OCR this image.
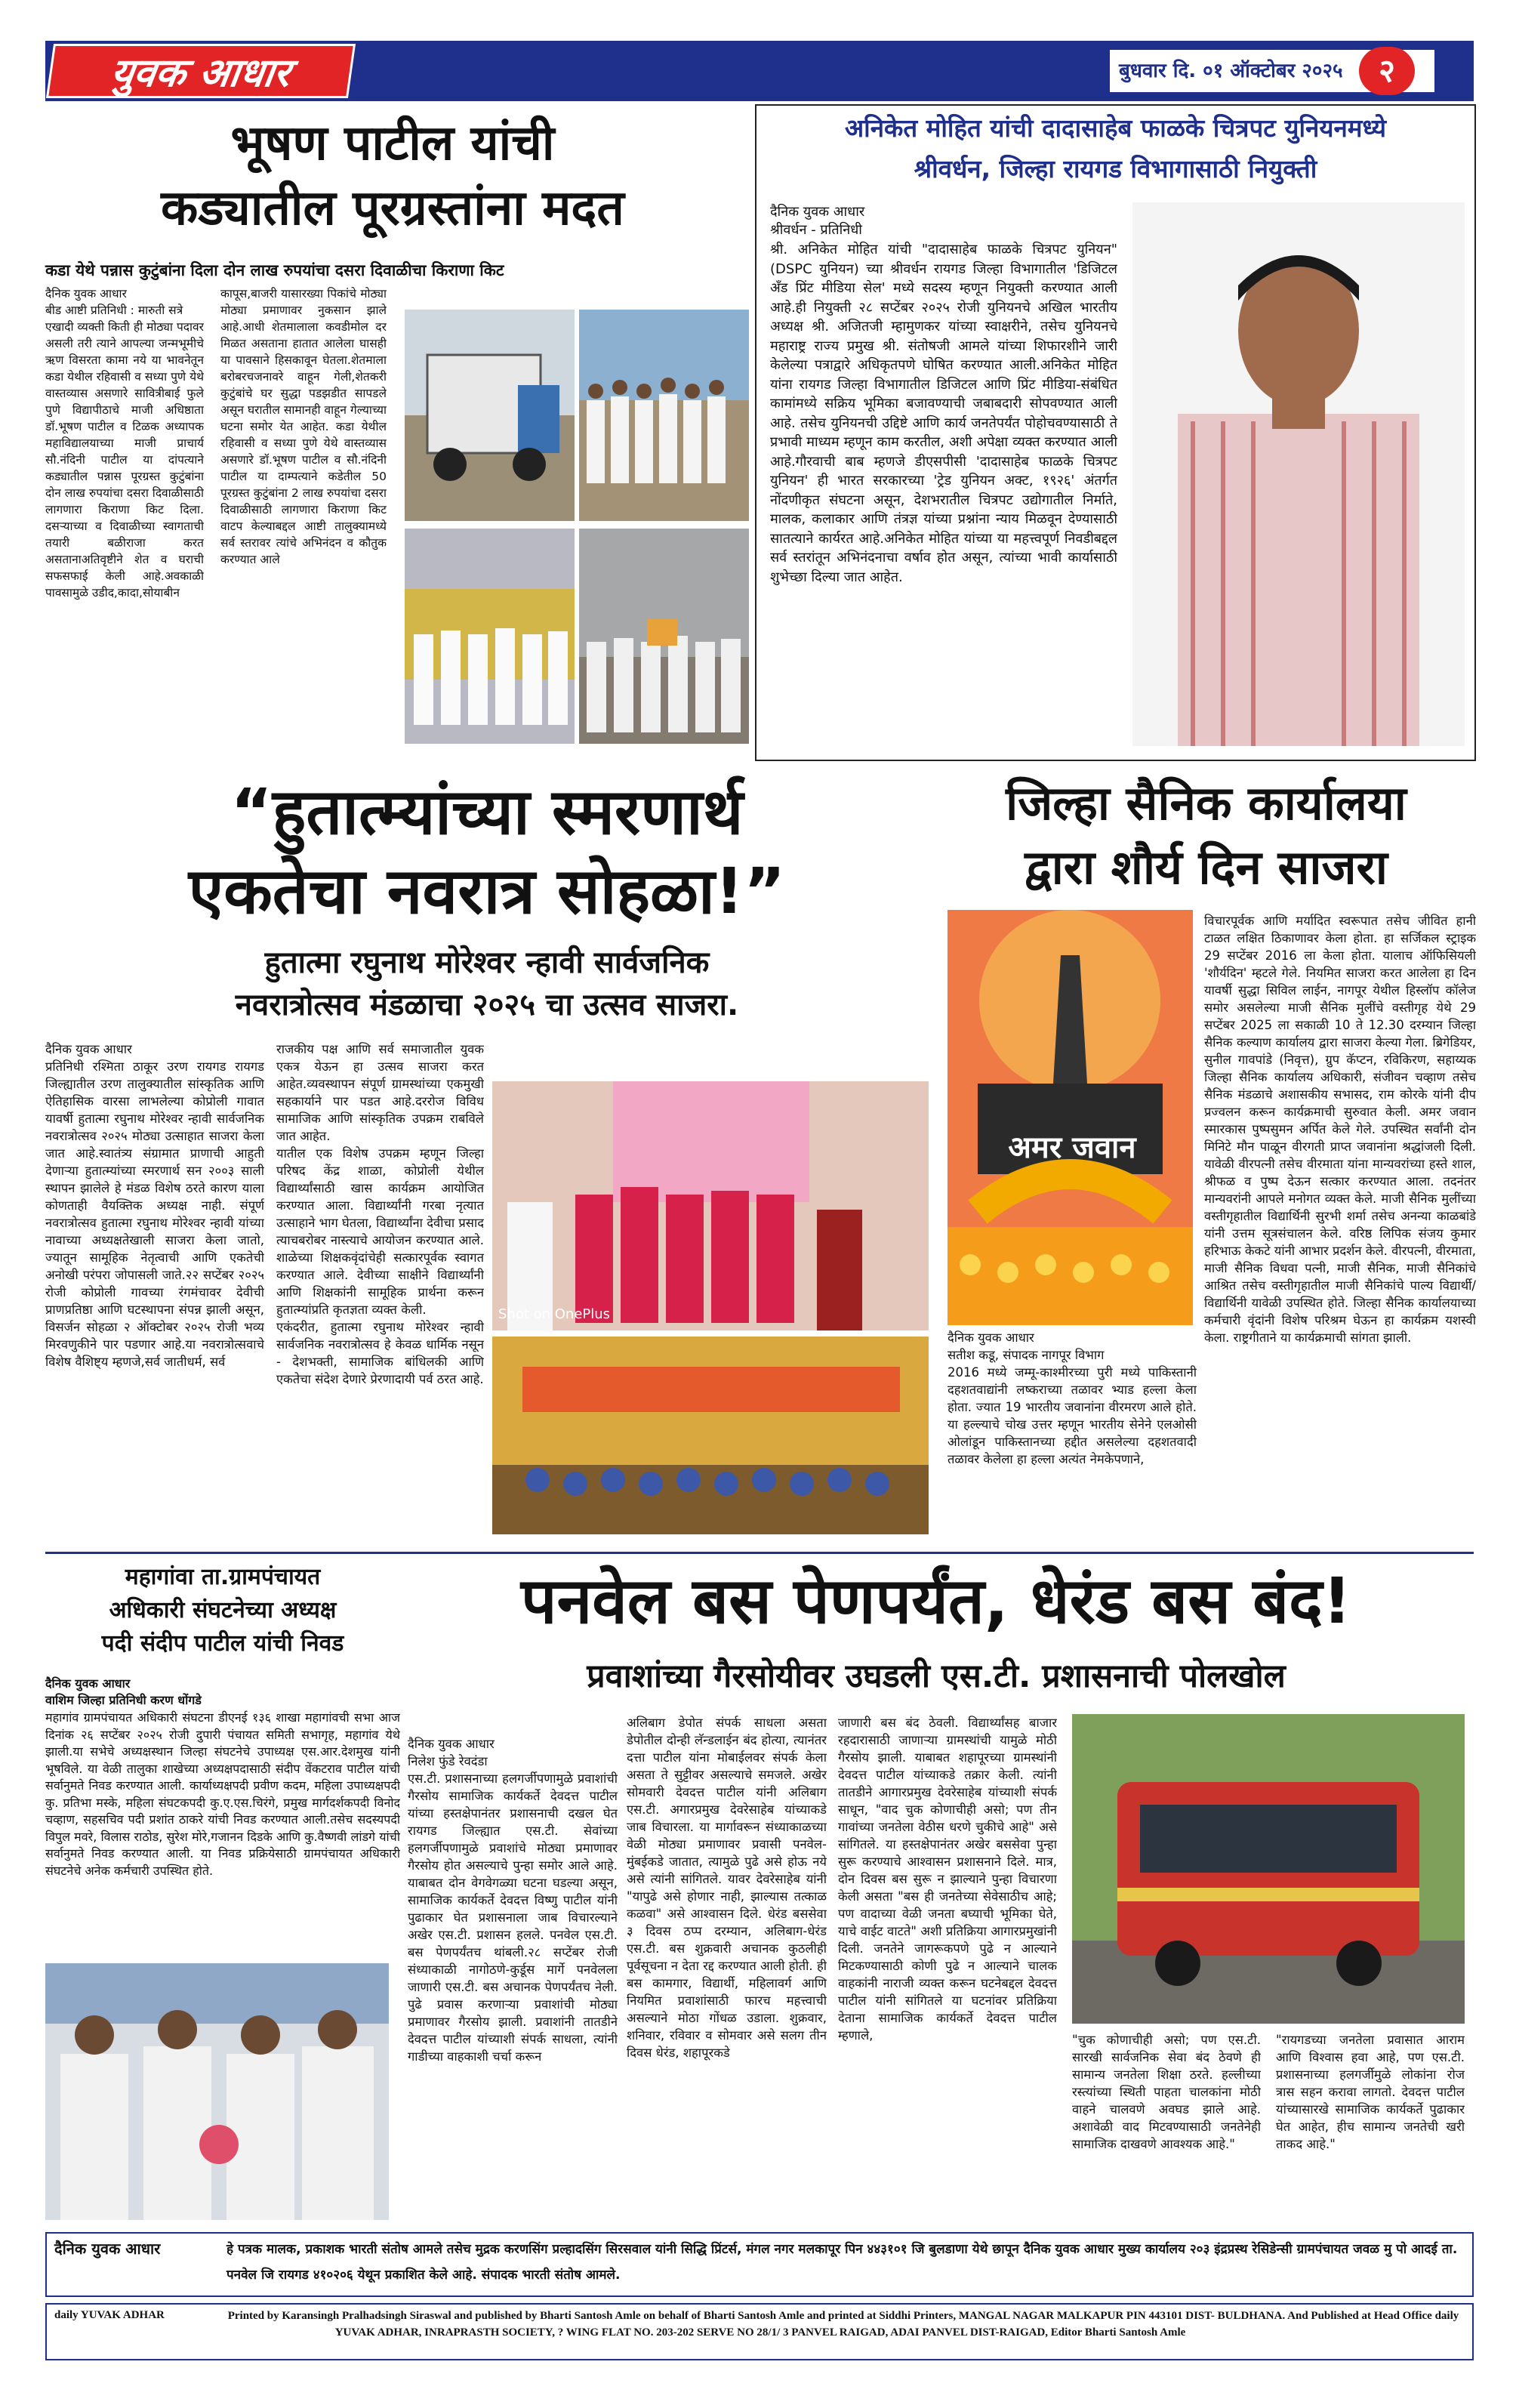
युवक आधार	बुधवार दि. ०१ ऑक्टोबर २०२५	२
भूषण पाटील यांची
कड्यातील पूरग्रस्तांना मदत
कडा येथे पन्नास कुटुंबांना दिला दोन लाख रुपयांचा दसरा दिवाळीचा किराणा किट
दैनिक युवक आधार
बीड आष्टी प्रतिनिधी : मारुती सत्रे
एखादी व्यक्ती किती ही मोठ्या पदावर असली तरी त्याने आपल्या जन्मभूमीचे ऋण विसरता कामा नये या भावनेतून कडा येथील रहिवासी व सध्या पुणे येथे वास्तव्यास असणारे सावित्रीबाई फुले पुणे विद्यापीठाचे माजी अधिष्ठाता डॉ.भूषण पाटील व टिळक अध्यापक महाविद्यालयाच्या माजी प्राचार्य सौ.नंदिनी पाटील या दांपत्याने कड्यातील पन्नास पूरग्रस्त कुटुंबांना दोन लाख रुपयांचा दसरा दिवाळीसाठी लागणारा किराणा किट दिला. दसऱ्याच्या व दिवाळीच्या स्वागताची तयारी बळीराजा करत असतानाअतिवृष्टीने शेत व घराची सफसफाई केली आहे.अवकाळी पावसामुळे उडीद,कादा,सोयाबीन
कापूस,बाजरी यासारख्या पिकांचे मोठ्या मोठ्या प्रमाणावर नुकसान झाले आहे.आधी शेतमालाला कवडीमोल दर मिळत असताना हातात आलेला घासही या पावसाने हिसकावून घेतला.शेतमाला बरोबरचजनावरे वाहून गेली,शेतकरी कुटुंबांचे घर सुद्धा पडझडीत सापडले असून घरातील सामानही वाहून गेल्याच्या घटना समोर येत आहेत. कडा येथील रहिवासी व सध्या पुणे येथे वास्तव्यास असणारे डॉ.भूषण पाटील व सौ.नंदिनी पाटील या दाम्पत्याने कडेतील 50 पूरग्रस्त कुटुंबांना 2 लाख रुपयांचा दसरा दिवाळीसाठी लागणारा किराणा किट वाटप केल्याबद्दल आष्टी तालुक्यामध्ये सर्व स्तरावर त्यांचे अभिनंदन व कौतुक करण्यात आले
अनिकेत मोहित यांची दादासाहेब फाळके चित्रपट युनियनमध्ये
श्रीवर्धन, जिल्हा रायगड विभागासाठी नियुक्ती
दैनिक युवक आधार
श्रीवर्धन - प्रतिनिधी
श्री. अनिकेत मोहित यांची "दादासाहेब फाळके चित्रपट युनियन" (DSPC युनियन) च्या श्रीवर्धन रायगड जिल्हा विभागातील 'डिजिटल अँड प्रिंट मीडिया सेल' मध्ये सदस्य म्हणून नियुक्ती करण्यात आली आहे.ही नियुक्ती २८ सप्टेंबर २०२५ रोजी युनियनचे अखिल भारतीय अध्यक्ष श्री. अजितजी म्हामुणकर यांच्या स्वाक्षरीने, तसेच युनियनचे महाराष्ट्र राज्य प्रमुख श्री. संतोषजी आमले यांच्या शिफारशीने जारी केलेल्या पत्राद्वारे अधिकृतपणे घोषित करण्यात आली.अनिकेत मोहित यांना रायगड जिल्हा विभागातील डिजिटल आणि प्रिंट मीडिया-संबंधित कामांमध्ये सक्रिय भूमिका बजावण्याची जबाबदारी सोपवण्यात आली आहे. तसेच युनियनची उद्दिष्टे आणि कार्य जनतेपर्यंत पोहोचवण्यासाठी ते प्रभावी माध्यम म्हणून काम करतील, अशी अपेक्षा व्यक्त करण्यात आली आहे.गौरवाची बाब म्हणजे डीएसपीसी 'दादासाहेब फाळके चित्रपट युनियन' ही भारत सरकारच्या 'ट्रेड युनियन अक्ट, १९२६' अंतर्गत नोंदणीकृत संघटना असून, देशभरातील चित्रपट उद्योगातील निर्माते, मालक, कलाकार आणि तंत्रज्ञ यांच्या प्रश्नांना न्याय मिळवून देण्यासाठी सातत्याने कार्यरत आहे.अनिकेत मोहित यांच्या या महत्त्वपूर्ण निवडीबद्दल सर्व स्तरांतून अभिनंदनाचा वर्षाव होत असून, त्यांच्या भावी कार्यासाठी शुभेच्छा दिल्या जात आहेत.
“हुतात्म्यांच्या स्मरणार्थ
एकतेचा नवरात्र सोहळा!”
हुतात्मा रघुनाथ मोरेश्वर न्हावी सार्वजनिक
नवरात्रोत्सव मंडळाचा २०२५ चा उत्सव साजरा.
दैनिक युवक आधार
प्रतिनिधी रश्मिता ठाकूर उरण रायगड रायगड जिल्ह्यातील उरण तालुक्यातील सांस्कृतिक आणि ऐतिहासिक वारसा लाभलेल्या कोप्रोली गावात यावर्षी हुतात्मा रघुनाथ मोरेश्वर न्हावी सार्वजनिक नवरात्रोत्सव २०२५ मोठ्या उत्साहात साजरा केला जात आहे.स्वातंत्र्य संग्रामात प्राणाची आहुती देणाऱ्या हुतात्म्यांच्या स्मरणार्थ सन २००३ साली स्थापन झालेले हे मंडळ विशेष ठरते कारण याला कोणताही वैयक्तिक अध्यक्ष नाही. संपूर्ण नवरात्रोत्सव हुतात्मा रघुनाथ मोरेश्वर न्हावी यांच्या नावाच्या अध्यक्षतेखाली साजरा केला जातो, ज्यातून सामूहिक नेतृत्वाची आणि एकतेची अनोखी परंपरा जोपासली जाते.२२ सप्टेंबर २०२५ रोजी कोप्रोली गावच्या रंगमंचावर देवीची प्राणप्रतिष्ठा आणि घटस्थापना संपन्न झाली असून, विसर्जन सोहळा २ ऑक्टोबर २०२५ रोजी भव्य मिरवणुकीने पार पडणार आहे.या नवरात्रोत्सवाचे विशेष वैशिष्ट्य म्हणजे,सर्व जातीधर्म, सर्व
राजकीय पक्ष आणि सर्व समाजातील युवक एकत्र येऊन हा उत्सव साजरा करत आहेत.व्यवस्थापन संपूर्ण ग्रामस्थांच्या एकमुखी सहकार्याने पार पडत आहे.दररोज विविध सामाजिक आणि सांस्कृतिक उपक्रम राबविले जात आहेत.
यातील एक विशेष उपक्रम म्हणून जिल्हा परिषद केंद्र शाळा, कोप्रोली येथील विद्यार्थ्यांसाठी खास कार्यक्रम आयोजित करण्यात आला. विद्यार्थ्यांनी गरबा नृत्यात उत्साहाने भाग घेतला, विद्यार्थ्यांना देवीचा प्रसाद त्याचबरोबर नास्त्याचे आयोजन करण्यात आले. शाळेच्या शिक्षकवृंदांचेही सत्कारपूर्वक स्वागत करण्यात आले. देवीच्या साक्षीने विद्यार्थ्यांनी आणि शिक्षकांनी सामूहिक प्रार्थना करून हुतात्म्यांप्रति कृतज्ञता व्यक्त केली.
एकंदरीत, हुतात्मा रघुनाथ मोरेश्वर न्हावी सार्वजनिक नवरात्रोत्सव हे केवळ धार्मिक नसून - देशभक्ती, सामाजिक बांधिलकी आणि एकतेचा संदेश देणारे प्रेरणादायी पर्व ठरत आहे.
Shot on OnePlus
जिल्हा सैनिक कार्यालया
द्वारा शौर्य दिन साजरा
अमर जवान
दैनिक युवक आधार
सतीश कडू, संपादक नागपूर विभाग
2016 मध्ये जम्मू-काश्मीरच्या पुरी मध्ये पाकिस्तानी दहशतवाद्यांनी लष्कराच्या तळावर भ्याड हल्ला केला होता. ज्यात 19 भारतीय जवानांना वीरमरण आले होते. या हल्ल्याचे चोख उत्तर म्हणून भारतीय सेनेने एलओसी ओलांडून पाकिस्तानच्या हद्दीत असलेल्या दहशतवादी तळावर केलेला हा हल्ला अत्यंत नेमकेपणाने,
विचारपूर्वक आणि मर्यादित स्वरूपात तसेच जीवित हानी टाळत लक्षित ठिकाणावर केला होता. हा सर्जिकल स्ट्राइक 29 सप्टेंबर 2016 ला केला होता. यालाच ऑफिसियली 'शौर्यदिन' म्हटले गेले. नियमित साजरा करत आलेला हा दिन यावर्षी सुद्धा सिविल लाईन, नागपूर येथील हिस्लॉप कॉलेज समोर असलेल्या माजी सैनिक मुलींचे वस्तीगृह येथे 29 सप्टेंबर 2025 ला सकाळी 10 ते 12.30 दरम्यान जिल्हा सैनिक कल्याण कार्यालय द्वारा साजरा केल्या गेला. ब्रिगेडियर, सुनील गावपांडे (निवृत्त), ग्रुप कॅप्टन, रविकिरण, सहाय्यक जिल्हा सैनिक कार्यालय अधिकारी, संजीवन चव्हाण तसेच सैनिक मंडळाचे अशासकीय सभासद, राम कोरके यांनी दीप प्रज्वलन करून कार्यक्रमाची सुरुवात केली. अमर जवान स्मारकास पुष्पसुमन अर्पित केले गेले. उपस्थित सर्वांनी दोन मिनिटे मौन पाळून वीरगती प्राप्त जवानांना श्रद्धांजली दिली. यावेळी वीरपत्नी तसेच वीरमाता यांना मान्यवरांच्या हस्ते शाल, श्रीफळ व पुष्प देऊन सत्कार करण्यात आला. तदनंतर मान्यवरांनी आपले मनोगत व्यक्त केले. माजी सैनिक मुलींच्या वस्तीगृहातील विद्यार्थिनी सुरभी शर्मा तसेच अनन्या काळबांडे यांनी उत्तम सूत्रसंचालन केले. वरिष्ठ लिपिक संजय कुमार हरिभाऊ केकटे यांनी आभार प्रदर्शन केले. वीरपत्नी, वीरमाता, माजी सैनिक विधवा पत्नी, माजी सैनिक, माजी सैनिकांचे आश्रित तसेच वस्तीगृहातील माजी सैनिकांचे पाल्य विद्यार्थी/विद्यार्थिनी यावेळी उपस्थित होते. जिल्हा सैनिक कार्यालयाच्या कर्मचारी वृंदांनी विशेष परिश्रम घेऊन हा कार्यक्रम यशस्वी केला. राष्ट्रगीताने या कार्यक्रमाची सांगता झाली.
महागांवा ता.ग्रामपंचायत
अधिकारी संघटनेच्या अध्यक्ष
पदी संदीप पाटील यांची निवड
दैनिक युवक आधार
वाशिम जिल्हा प्रतिनिधी करण धोंगडे
महागांव ग्रामपंचायत अधिकारी संघटना डीएनई १३६ शाखा महागांवची सभा आज दिनांक २६ सप्टेंबर २०२५ रोजी दुपारी पंचायत समिती सभागृह, महागांव येथे झाली.या सभेचे अध्यक्षस्थान जिल्हा संघटनेचे उपाध्यक्ष एस.आर.देशमुख यांनी भूषविले. या वेळी तालुका शाखेच्या अध्यक्षपदासाठी संदीप वेंकटराव पाटील यांची सर्वानुमते निवड करण्यात आली. कार्याध्यक्षपदी प्रवीण कदम, महिला उपाध्यक्षपदी कु. प्रतिभा मस्के, महिला संघटकपदी कु.ए.एस.चिरंगे, प्रमुख मार्गदर्शकपदी विनोद चव्हाण, सहसचिव पदी प्रशांत ठाकरे यांची निवड करण्यात आली.तसेच सदस्यपदी विपुल मवरे, विलास राठोड, सुरेश मोरे,गजानन दिडके आणि कु.वैष्णवी लांडगे यांची सर्वानुमते निवड करण्यात आली. या निवड प्रक्रियेसाठी ग्रामपंचायत अधिकारी संघटनेचे अनेक कर्मचारी उपस्थित होते.
पनवेल बस पेणपर्यंत, धेरंड बस बंद!
प्रवाशांच्या गैरसोयीवर उघडली एस.टी. प्रशासनाची पोलखोल
दैनिक युवक आधार
निलेश फुंडे रेवदंडा
एस.टी. प्रशासनाच्या हलगर्जीपणामुळे प्रवाशांची गैरसोय सामाजिक कार्यकर्ते देवदत्त पाटील यांच्या हस्तक्षेपानंतर प्रशासनाची दखल घेत रायगड जिल्ह्यात एस.टी. सेवांच्या हलगर्जीपणामुळे प्रवाशांचे मोठ्या प्रमाणावर गैरसोय होत असल्याचे पुन्हा समोर आले आहे. याबाबत दोन वेगवेगळ्या घटना घडल्या असून, सामाजिक कार्यकर्ते देवदत्त विष्णु पाटील यांनी पुढाकार घेत प्रशासनाला जाब विचारल्याने अखेर एस.टी. प्रशासन हलले. पनवेल एस.टी. बस पेणपर्यंतच थांबली.२८ सप्टेंबर रोजी संध्याकाळी नागोठणे-कुर्डूस मार्गे पनवेलला जाणारी एस.टी. बस अचानक पेणपर्यंतच नेली. पुढे प्रवास करणाऱ्या प्रवाशांची मोठ्या प्रमाणावर गैरसोय झाली. प्रवाशांनी तातडीने देवदत्त पाटील यांच्याशी संपर्क साधला, त्यांनी गाडीच्या वाहकाशी चर्चा करून
अलिबाग डेपोत संपर्क साधला असता डेपोतील दोन्ही लॅन्डलाईन बंद होत्या, त्यानंतर दत्ता पाटील यांना मोबाईलवर संपर्क केला असता ते सुट्टीवर असल्याचे समजले. अखेर सोमवारी देवदत्त पाटील यांनी अलिबाग एस.टी. अगारप्रमुख देवरेसाहेब यांच्याकडे जाब विचारला. या मार्गावरून संध्याकाळच्या वेळी मोठ्या प्रमाणावर प्रवासी पनवेल-मुंबईकडे जातात, त्यामुळे पुढे असे होऊ नये असे त्यांनी सांगितले. यावर देवरेसाहेब यांनी "यापुढे असे होणार नाही, झाल्यास तत्काळ कळवा" असे आश्वासन दिले. धेरंड बससेवा ३ दिवस ठप्प दरम्यान, अलिबाग-धेरंड एस.टी. बस शुक्रवारी अचानक कुठलीही पूर्वसूचना न देता रद्द करण्यात आली होती. ही बस कामगार, विद्यार्थी, महिलावर्ग आणि नियमित प्रवाशांसाठी फारच महत्त्वाची असल्याने मोठा गोंधळ उडाला. शुक्रवार, शनिवार, रविवार व सोमवार असे सलग तीन दिवस धेरंड, शहापूरकडे
जाणारी बस बंद ठेवली. विद्यार्थ्यांसह बाजार रहदारासाठी जाणाऱ्या ग्रामस्थांची यामुळे मोठी गैरसोय झाली. याबाबत शहापूरच्या ग्रामस्थांनी देवदत्त पाटील यांच्याकडे तक्रार केली. त्यांनी तातडीने आगारप्रमुख देवरेसाहेब यांच्याशी संपर्क साधून, "वाद चुक कोणाचीही असो; पण तीन गावांच्या जनतेला वेठीस धरणे चुकीचे आहे" असे सांगितले. या हस्तक्षेपानंतर अखेर बससेवा पुन्हा सुरू करण्याचे आश्वासन प्रशासनाने दिले. मात्र, दोन दिवस बस सुरू न झाल्याने पुन्हा विचारणा केली असता "बस ही जनतेच्या सेवेसाठीच आहे; पण वादाच्या वेळी जनता बघ्याची भूमिका घेते, याचे वाईट वाटते" अशी प्रतिक्रिया आगारप्रमुखांनी दिली. जनतेने जागरूकपणे पुढे न आल्याने मिटकण्यासाठी कोणी पुढे न आल्याने चालक वाहकांनी नाराजी व्यक्त करून घटनेबद्दल देवदत्त पाटील यांनी सांगितले या घटनांवर प्रतिक्रिया देताना सामाजिक कार्यकर्ते देवदत्त पाटील म्हणाले,	"चुक कोणाचीही असो; पण एस.टी. सारखी सार्वजनिक सेवा बंद ठेवणे ही सामान्य जनतेला शिक्षा ठरते. हल्लीच्या रस्त्यांच्या स्थिती पाहता चालकांना मोठी वाहने चालवणे अवघड झाले आहे. अशावेळी वाद मिटवण्यासाठी जनतेनेही सामाजिक दाखवणे आवश्यक आहे."
"रायगडच्या जनतेला प्रवासात आराम आणि विश्वास हवा आहे, पण एस.टी. प्रशासनाच्या हलगर्जीमुळे लोकांना रोज त्रास सहन करावा लागतो. देवदत्त पाटील यांच्यासारखे सामाजिक कार्यकर्ते पुढाकार घेत आहेत, हीच सामान्य जनतेची खरी ताकद आहे."
दैनिक युवक आधार	हे पत्रक मालक, प्रकाशक भारती संतोष आमले तसेच मुद्रक करणसिंग प्रल्हादसिंग सिरसवाल यांनी सिद्धि प्रिंटर्स, मंगल नगर मलकापूर पिन ४४३१०१ जि बुलडाणा येथे छापून दैनिक युवक आधार मुख्य कार्यालय २०३ इंद्रप्रस्थ रेसिडेन्सी ग्रामपंचायत जवळ मु पो आदई ता. पनवेल जि रायगड ४१०२०६ येथून प्रकाशित केले आहे. संपादक भारती संतोष आमले.
daily YUVAK ADHAR	Printed by Karansingh Pralhadsingh Siraswal and published by Bharti Santosh Amle on behalf of Bharti Santosh Amle and printed at Siddhi Printers, MANGAL NAGAR MALKAPUR PIN 443101 DIST- BULDHANA. And Published at Head Office daily YUVAK ADHAR, INRAPRASTH SOCIETY, ? WING FLAT NO. 203-202 SERVE NO 28/1/ 3 PANVEL RAIGAD, ADAI PANVEL DIST-RAIGAD, Editor Bharti Santosh Amle
